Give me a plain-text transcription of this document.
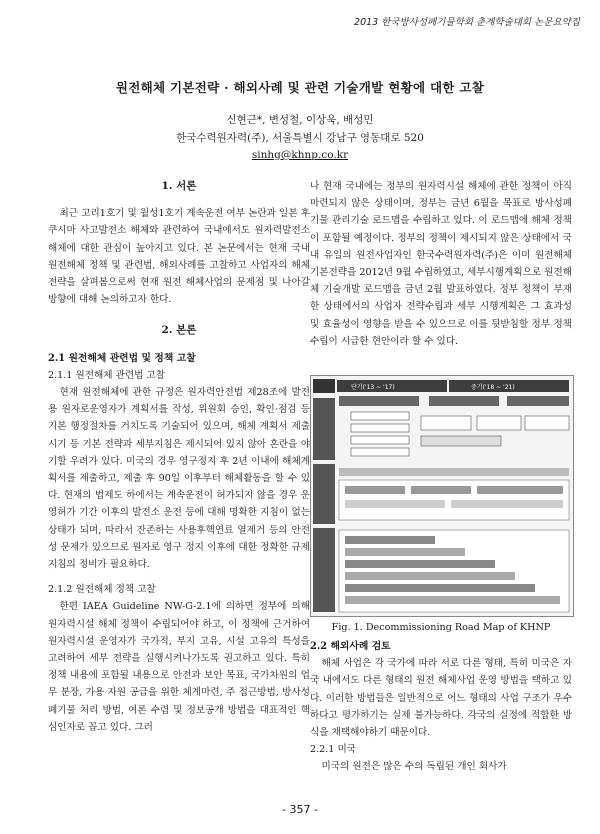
2013 한국방사성폐기물학회 춘계학술대회 논문요약집
원전해체 기본전략 · 해외사례 및 관련 기술개발 현황에 대한 고찰
신현근*, 변성철, 이상욱, 배성민
한국수력원자력(주), 서울특별시 강남구 영동대로 520
sinhg@khnp.co.kr
1. 서론

최근 고리1호기 및 월성1호기 계속운전 여부 논란과 일본 후쿠시마 사고발전소 해체와 관련하여 국내에서도 원자력발전소 해체에 대한 관심이 높아지고 있다. 본 논문에서는 현재 국내 원전해체 정책 및 관련법, 해외사례를 고찰하고 사업자의 해체 전략을 살펴봄으로써 현재 원전 해체사업의 문제점 및 나아갈 방향에 대해 논의하고자 한다.

2. 본론

2.1 원전해체 관련법 및 정책 고찰

2.1.1 원전해체 관련법 고찰

현재 원전해체에 관한 규정은 원자력안전법 제28조에 발전용 원자로운영자가 계획서를 작성, 위원회 승인, 확인·점검 등 기본 행정절차를 거치도록 기술되어 있으며, 해체 계획서 제출 시기 등 기본 전략과 세부지침은 제시되어 있지 않아 혼란을 야기할 우려가 있다. 미국의 경우 영구정지 후 2년 이내에 해체계획서를 제출하고, 제출 후 90일 이후부터 해체활동을 할 수 있다. 현재의 법제도 하에서는 계속운전이 허가되지 않을 경우 운영허가 기간 이후의 발전소 운전 등에 대해 명확한 지침이 없는 상태가 되며, 따라서 잔존하는 사용후핵연료 열제거 등의 안전성 문제가 있으므로 원자로 영구 정지 이후에 대한 정확한 규제지침의 정비가 필요하다.

2.1.2 원전해체 정책 고찰

한편 IAEA Guideline NW-G-2.1에 의하면 정부에 의해 원자력시설 해체 정책이 수립되어야 하고, 이 정책에 근거하여 원자력시설 운영자가 국가적, 부지 고유, 시설 고유의 특성을 고려하여 세부 전략을 실행시켜나가도록 권고하고 있다. 특히 정책 내용에 포함될 내용으로 안전과 보안 목표, 국가차원의 업무 분장, 가용 자원 공급을 위한 체계마련, 주 접근방법, 방사성폐기물 처리 방법, 여론 수렴 및 정보공개 방법을 대표적인 핵심인자로 꼽고 있다. 그러

나 현재 국내에는 정부의 원자력시설 해체에 관한 정책이 아직 마련되지 않은 상태이며, 정부는 금년 6월을 목표로 방사성폐기물 관리기술 로드맵을 수립하고 있다. 이 로드맵에 해체 정책이 포함될 예정이다. 정부의 정책이 제시되지 않은 상태에서 국내 유일의 원전사업자인 한국수력원자력(주)은 이미 원전해체 기본전략을 2012년 9월 수립하였고, 세부시행계획으로 원전해체 기술개발 로드맵을 금년 2월 발표하였다. 정부 정책이 부재한 상태에서의 사업자 전략수립과 세부 시행계획은 그 효과성 및 효율성이 영향을 받을 수 있으므로 이를 뒷받침할 정부 정책 수립이 시급한 현안이라 할 수 있다.

단기('13 ~ '17)	중기('18 ~ '21)
Fig. 1. Decommissioning Road Map of KHNP

2.2 해외사례 검토

해체 사업은 각 국가에 따라 서로 다른 형태, 특히 미국은 자국 내에서도 다른 형태의 원전 해체사업 운영 방법을 택하고 있다. 이러한 방법들은 일반적으로 어느 형태의 사업 구조가 우수하다고 평가하기는 실제 불가능하다. 각국의 실정에 적합한 방식을 채택해야하기 때문이다.

2.2.1 미국

미국의 원전은 많은 수의 독립된 개인 회사가

- 357 -
